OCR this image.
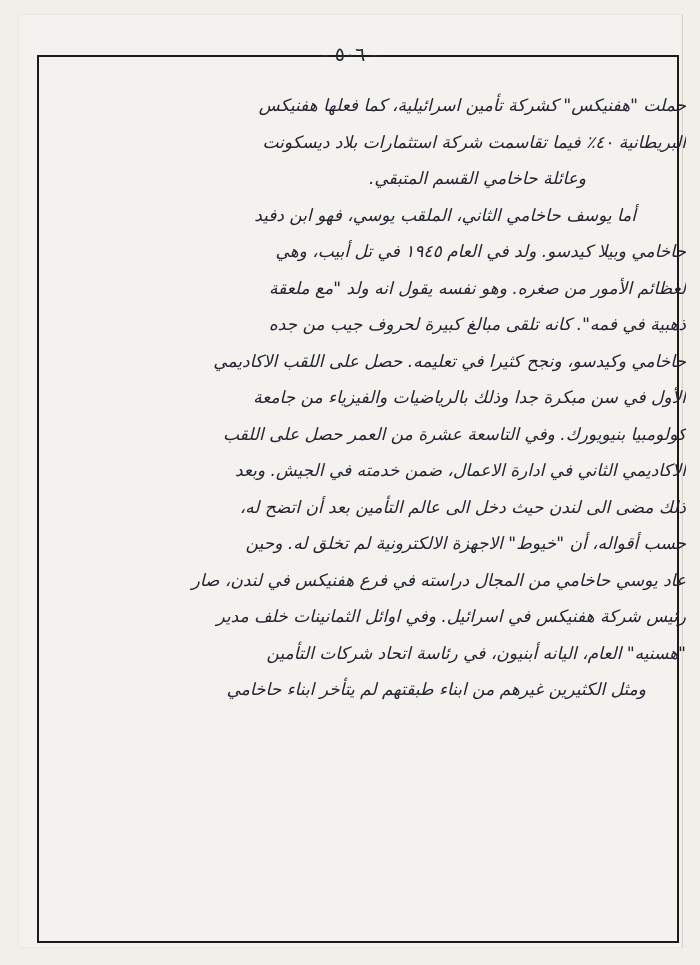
- ٥٠٦ -
حملت "هفنيكس" كشركة تأمين اسرائيلية، كما فعلها هفنيكس
البريطانية ٤٠٪ فيما تقاسمت شركة استثمارات بلاد ديسكونت
وعائلة حاخامي القسم المتبقي.
أما يوسف حاخامي الثاني، الملقب يوسي، فهو ابن دفيد
حاخامي وبيلا كيدسو. ولد في العام ١٩٤٥ في تل أبيب، وهي
لعظائم الأمور من صغره. وهو نفسه يقول انه ولد "مع ملعقة
ذهبية في فمه". كانه تلقى مبالغ كبيرة لحروف جيب من جده
حاخامي وكيدسو، ونجح كثيرا في تعليمه. حصل على اللقب الاكاديمي
الأول في سن مبكرة جدا وذلك بالرياضيات والفيزياء من جامعة
كولومبيا بنيويورك. وفي التاسعة عشرة من العمر حصل على اللقب
الاكاديمي الثاني في ادارة الاعمال، ضمن خدمته في الجيش. وبعد
ذلك مضى الى لندن حيث دخل الى عالم التأمين بعد أن اتضح له،
حسب أقواله، أن "خيوط" الاجهزة الالكترونية لم تخلق له. وحين
عاد يوسي حاخامي من المجال دراسته في فرع هفنيكس في لندن، صار
رئيس شركة هفنيكس في اسرائيل. وفي اوائل الثمانينات خلف مدير
"هسنيه" العام، اليانه أبنيون، في رئاسة اتحاد شركات التأمين
ومثل الكثيرين غيرهم من ابناء طبقتهم لم يتأخر ابناء حاخامي
